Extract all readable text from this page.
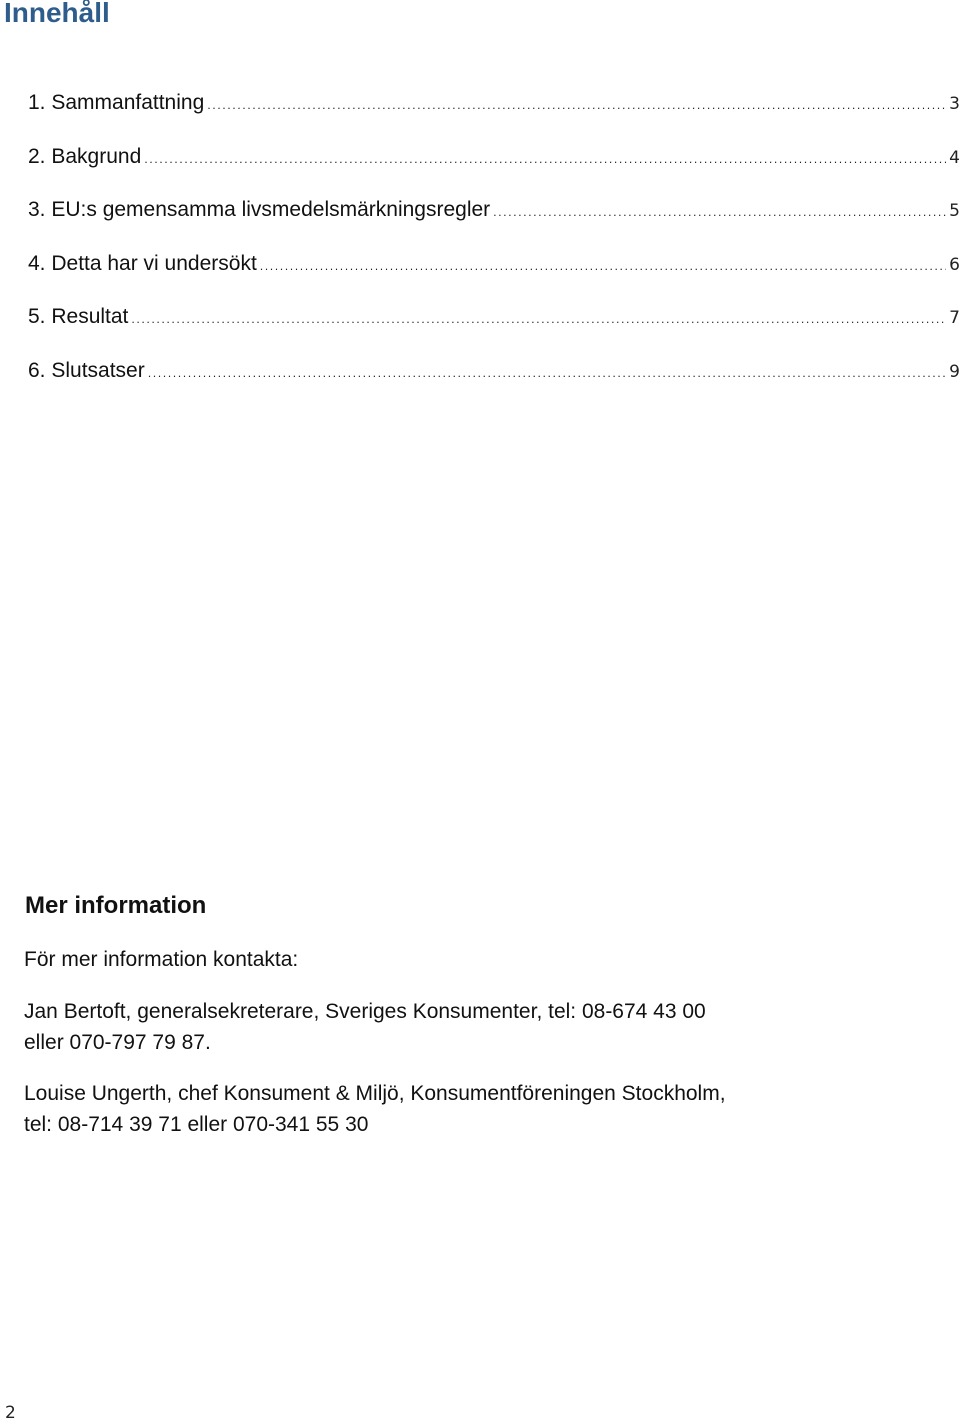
Innehåll
1. Sammanfattning .....	3
2. Bakgrund .....	4
3. EU:s gemensamma livsmedelsmärkningsregler .....	5
4. Detta har vi undersökt .....	6
5. Resultat .....	7
6. Slutsatser .....	9
Mer information

För mer information kontakta:

Jan Bertoft, generalsekreterare, Sveriges Konsumenter, tel: 08-674 43 00
eller 070-797 79 87.

Louise Ungerth, chef Konsument & Miljö, Konsumentföreningen Stockholm,
tel: 08-714 39 71 eller 070-341 55 30

2
